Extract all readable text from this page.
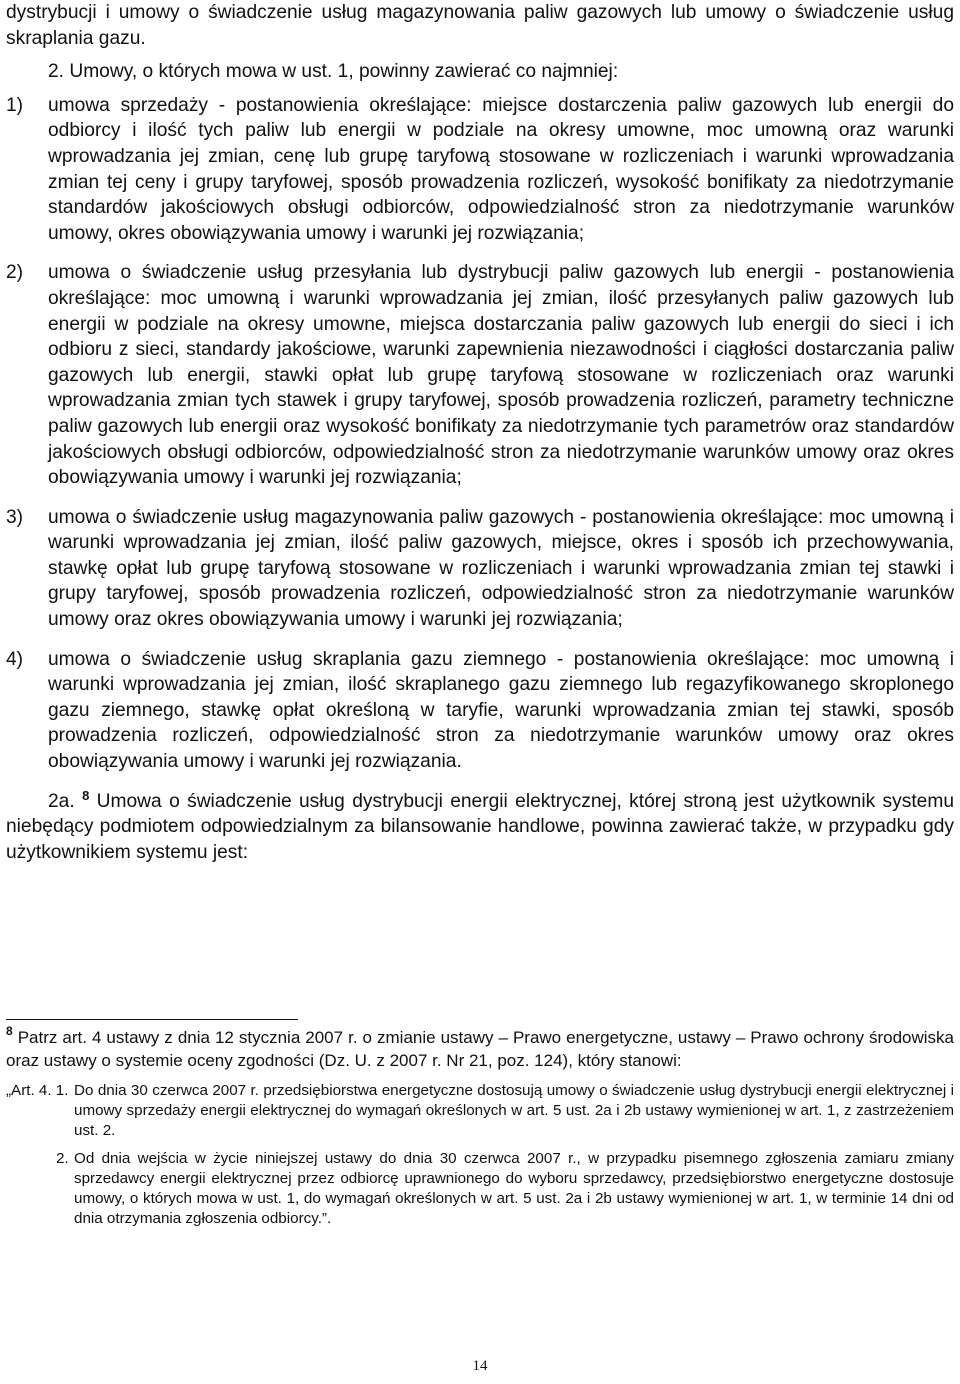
dystrybucji i umowy o świadczenie usług magazynowania paliw gazowych lub umowy o świadczenie usług skraplania gazu.

2. Umowy, o których mowa w ust. 1, powinny zawierać co najmniej:

1) umowa sprzedaży - postanowienia określające: miejsce dostarczenia paliw gazowych lub energii do odbiorcy i ilość tych paliw lub energii w podziale na okresy umowne, moc umowną oraz warunki wprowadzania jej zmian, cenę lub grupę taryfową stosowane w rozliczeniach i warunki wprowadzania zmian tej ceny i grupy taryfowej, sposób prowadzenia rozliczeń, wysokość bonifikaty za niedotrzymanie standardów jakościowych obsługi odbiorców, odpowiedzialność stron za niedotrzymanie warunków umowy, okres obowiązywania umowy i warunki jej rozwiązania;
2) umowa o świadczenie usług przesyłania lub dystrybucji paliw gazowych lub energii - postanowienia określające: moc umowną i warunki wprowadzania jej zmian, ilość przesyłanych paliw gazowych lub energii w podziale na okresy umowne, miejsca dostarczania paliw gazowych lub energii do sieci i ich odbioru z sieci, standardy jakościowe, warunki zapewnienia niezawodności i ciągłości dostarczania paliw gazowych lub energii, stawki opłat lub grupę taryfową stosowane w rozliczeniach oraz warunki wprowadzania zmian tych stawek i grupy taryfowej, sposób prowadzenia rozliczeń, parametry techniczne paliw gazowych lub energii oraz wysokość bonifikaty za niedotrzymanie tych parametrów oraz standardów jakościowych obsługi odbiorców, odpowiedzialność stron za niedotrzymanie warunków umowy oraz okres obowiązywania umowy i warunki jej rozwiązania;
3) umowa o świadczenie usług magazynowania paliw gazowych - postanowienia określające: moc umowną i warunki wprowadzania jej zmian, ilość paliw gazowych, miejsce, okres i sposób ich przechowywania, stawkę opłat lub grupę taryfową stosowane w rozliczeniach i warunki wprowadzania zmian tej stawki i grupy taryfowej, sposób prowadzenia rozliczeń, odpowiedzialność stron za niedotrzymanie warunków umowy oraz okres obowiązywania umowy i warunki jej rozwiązania;
4) umowa o świadczenie usług skraplania gazu ziemnego - postanowienia określające: moc umowną i warunki wprowadzania jej zmian, ilość skraplanego gazu ziemnego lub regazyfikowanego skroplonego gazu ziemnego, stawkę opłat określoną w taryfie, warunki wprowadzania zmian tej stawki, sposób prowadzenia rozliczeń, odpowiedzialność stron za niedotrzymanie warunków umowy oraz okres obowiązywania umowy i warunki jej rozwiązania.

2a. $^8$ Umowa o świadczenie usług dystrybucji energii elektrycznej, której stroną jest użytkownik systemu niebędący podmiotem odpowiedzialnym za bilansowanie handlowe, powinna zawierać także, w przypadku gdy użytkownikiem systemu jest:

$^8$ Patrz art. 4 ustawy z dnia 12 stycznia 2007 r. o zmianie ustawy – Prawo energetyczne, ustawy – Prawo ochrony środowiska oraz ustawy o systemie oceny zgodności (Dz. U. z 2007 r. Nr 21, poz. 124), który stanowi:

„Art. 4. 1. Do dnia 30 czerwca 2007 r. przedsiębiorstwa energetyczne dostosują umowy o świadczenie usług dystrybucji energii elektrycznej i umowy sprzedaży energii elektrycznej do wymagań określonych w art. 5 ust. 2a i 2b ustawy wymienionej w art. 1, z zastrzeżeniem ust. 2.
2. Od dnia wejścia w życie niniejszej ustawy do dnia 30 czerwca 2007 r., w przypadku pisemnego zgłoszenia zamiaru zmiany sprzedawcy energii elektrycznej przez odbiorcę uprawnionego do wyboru sprzedawcy, przedsiębiorstwo energetyczne dostosuje umowy, o których mowa w ust. 1, do wymagań określonych w art. 5 ust. 2a i 2b ustawy wymienionej w art. 1, w terminie 14 dni od dnia otrzymania zgłoszenia odbiorcy.”.
14
